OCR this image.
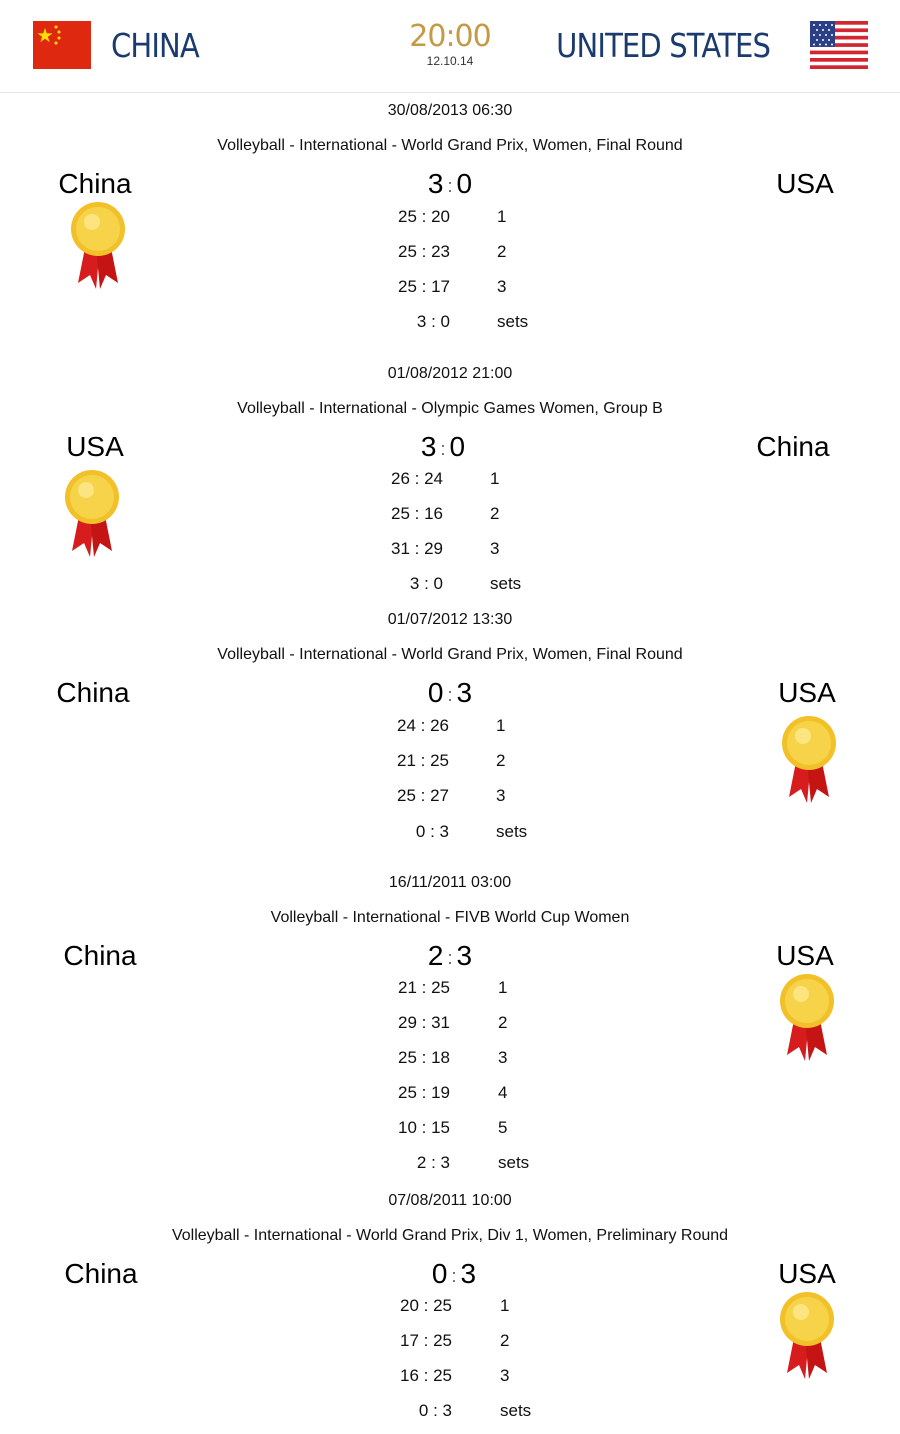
CHINA	20:00
12.10.14	UNITED STATES
30/08/2013 06:30
Volleyball - International - World Grand Prix, Women, Final Round
China	3 : 0	USA
25 : 20	1
25 : 23	2
25 : 17	3
3 : 0	sets
01/08/2012 21:00
Volleyball - International - Olympic Games Women, Group B
USA	3 : 0	China
26 : 24	1
25 : 16	2
31 : 29	3
3 : 0	sets
01/07/2012 13:30
Volleyball - International - World Grand Prix, Women, Final Round
China	0 : 3	USA
24 : 26	1
21 : 25	2
25 : 27	3
0 : 3	sets
16/11/2011 03:00
Volleyball - International - FIVB World Cup Women
China	2 : 3	USA
21 : 25	1
29 : 31	2
25 : 18	3
25 : 19	4
10 : 15	5
2 : 3	sets
07/08/2011 10:00
Volleyball - International - World Grand Prix, Div 1, Women, Preliminary Round
China	0 : 3	USA
20 : 25	1
17 : 25	2
16 : 25	3
0 : 3	sets
